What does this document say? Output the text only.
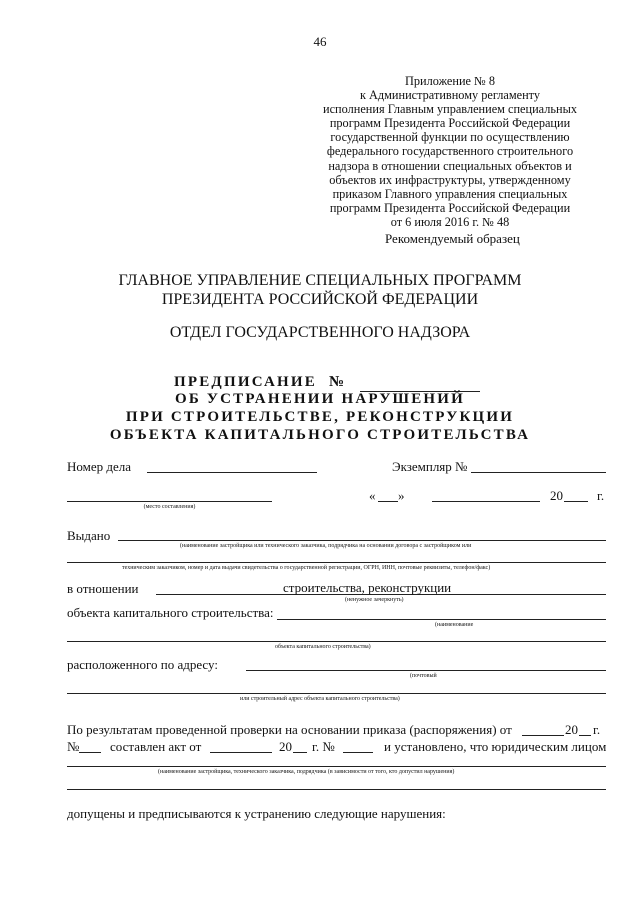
46
Приложение № 8
к Административному регламенту
исполнения Главным управлением специальных
программ Президента Российской Федерации
государственной функции по осуществлению
федерального государственного строительного
надзора в отношении специальных объектов и
объектов их инфраструктуры, утвержденному
приказом Главного управления специальных
программ Президента Российской Федерации
от 6 июля 2016 г. № 48
Рекомендуемый образец
ГЛАВНОЕ УПРАВЛЕНИЕ СПЕЦИАЛЬНЫХ ПРОГРАММ
ПРЕЗИДЕНТА РОССИЙСКОЙ ФЕДЕРАЦИИ
ОТДЕЛ ГОСУДАРСТВЕННОГО НАДЗОРА
ПРЕДПИСАНИЕ №
ОБ УСТРАНЕНИИ НАРУШЕНИЙ
ПРИ СТРОИТЕЛЬСТВЕ, РЕКОНСТРУКЦИИ
ОБЪЕКТА КАПИТАЛЬНОГО СТРОИТЕЛЬСТВА
Номер дела	Экземпляр №
(место составления)
« »	20	г.
Выдано
(наименование застройщика или технического заказчика, подрядчика на основании договора с застройщиком или
техническим заказчиком, номер и дата выдачи свидетельства о государственной регистрации, ОГРН, ИНН, почтовые реквизиты, телефон/факс)
в отношении	строительства, реконструкции
(ненужное зачеркнуть)
объекта капитального строительства:
(наименование
объекта капитального строительства)
расположенного по адресу:
(почтовый
или строительный адрес объекта капитального строительства)
По результатам проведенной проверки на основании приказа (распоряжения) от	20 г.
№ составлен акт от	20 г. №	и установлено, что юридическим лицом
(наименование застройщика, технического заказчика, подрядчика (в зависимости от того, кто допустил нарушения)
допущены и предписываются к устранению следующие нарушения:
